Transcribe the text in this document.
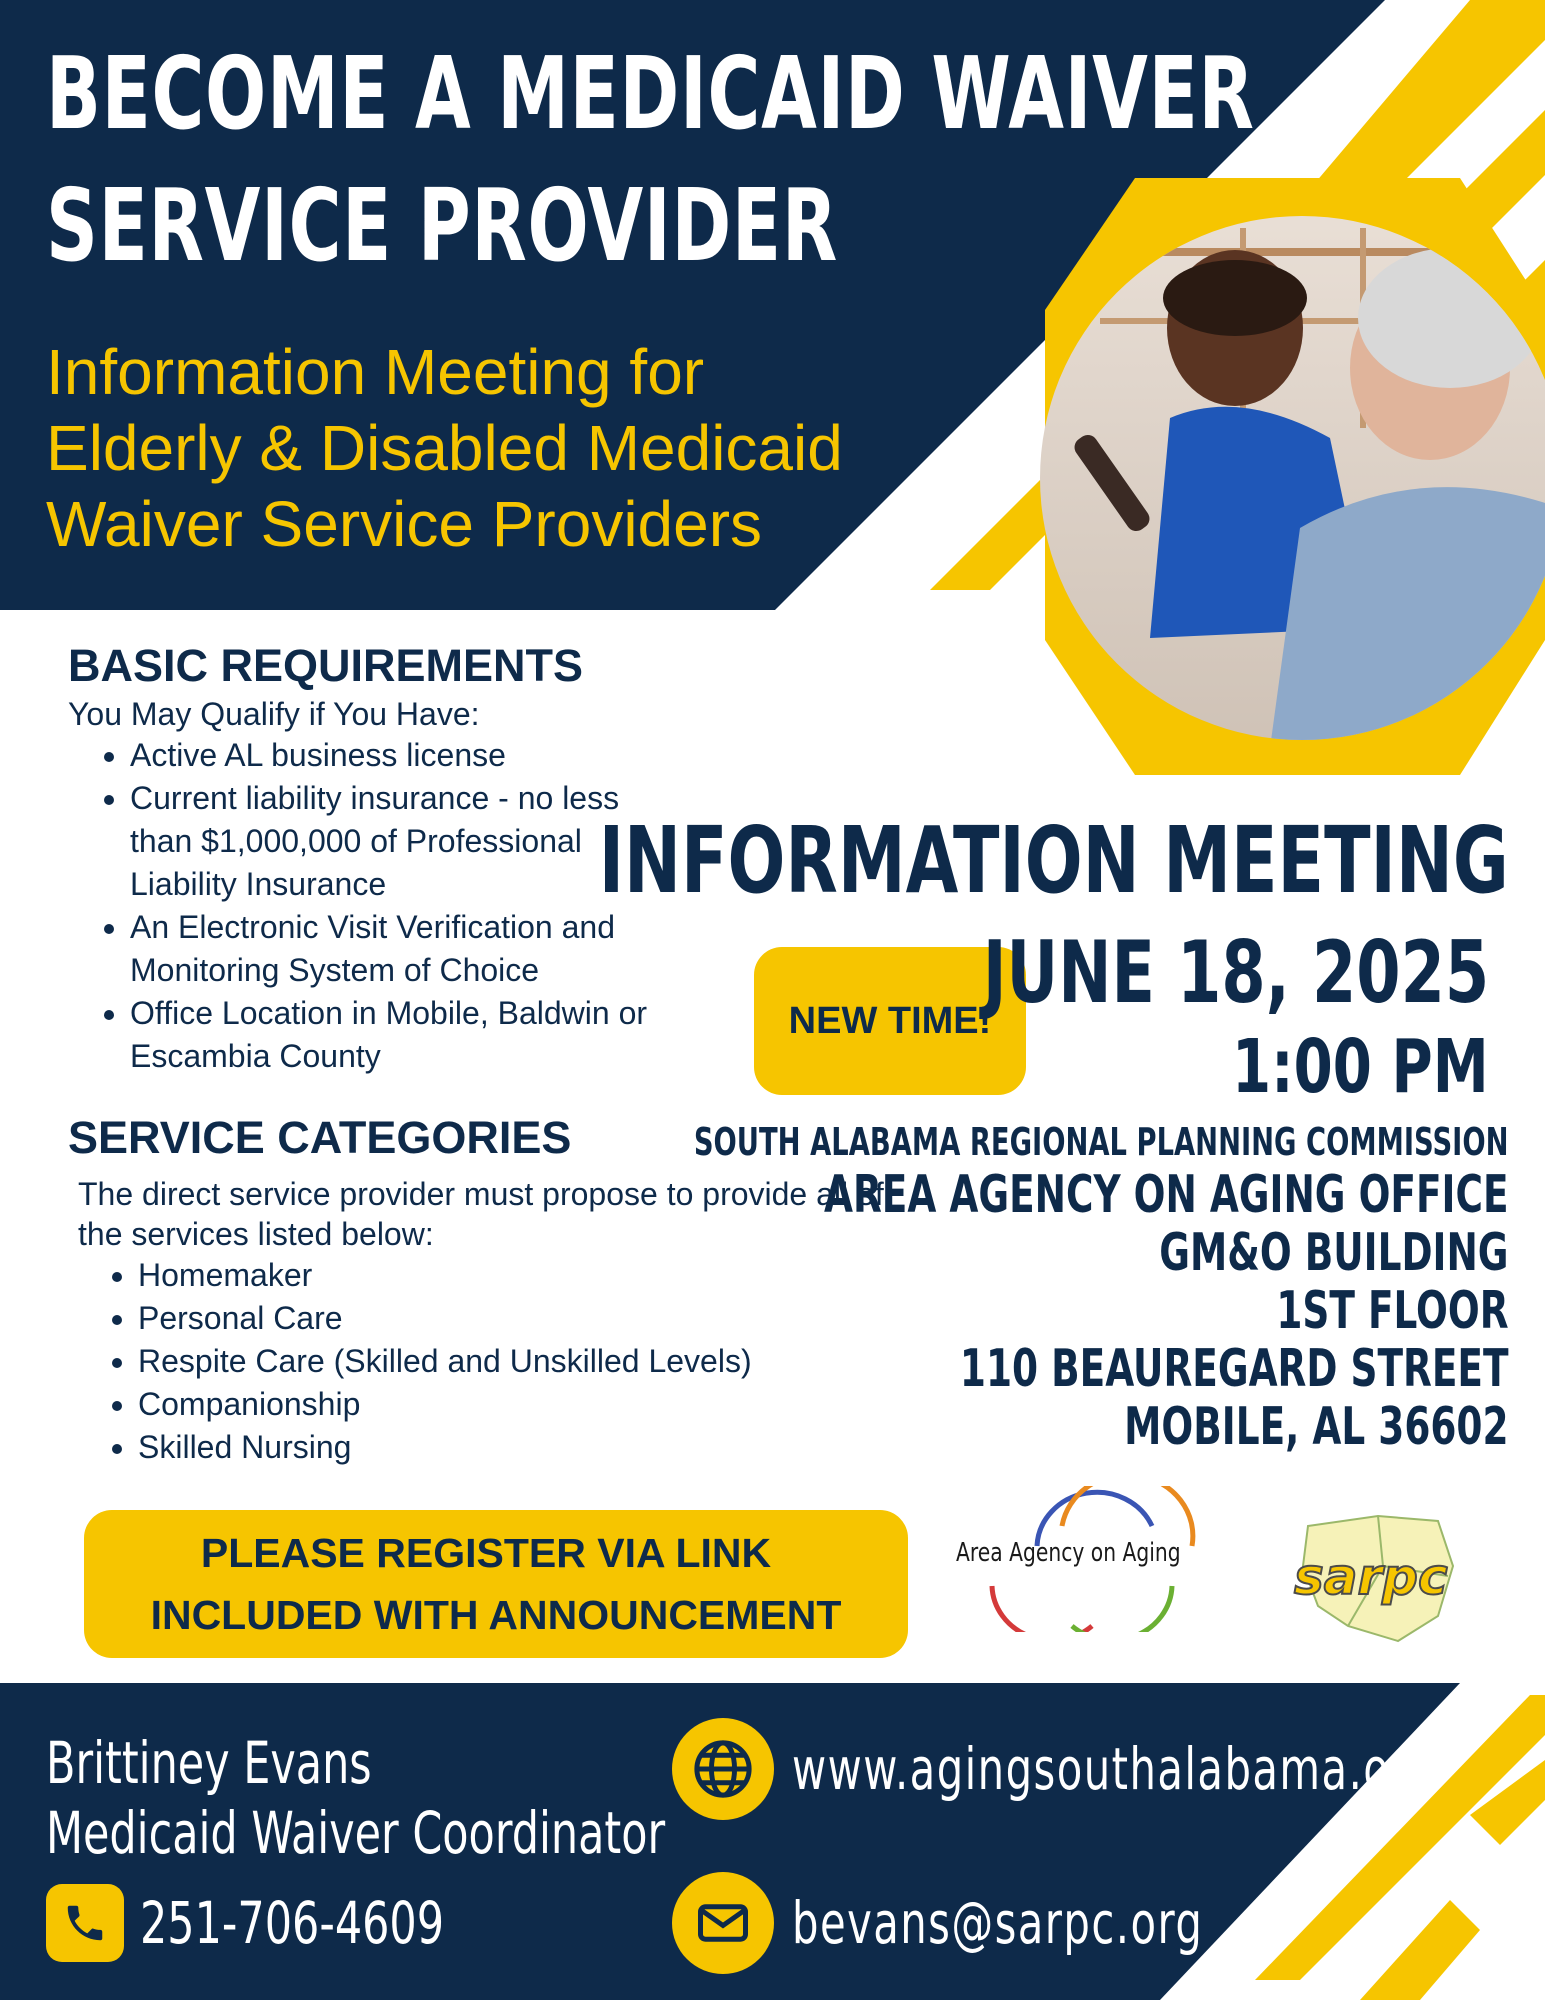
BECOME A MEDICAID WAIVER
SERVICE PROVIDER
Information Meeting for
Elderly & Disabled Medicaid
Waiver Service Providers
BASIC REQUIREMENTS
You May Qualify if You Have:
• Active AL business license
• Current liability insurance - no less than $1,000,000 of Professional Liability Insurance
• An Electronic Visit Verification and Monitoring System of Choice
• Office Location in Mobile, Baldwin or Escambia County
SERVICE CATEGORIES
The direct service provider must propose to provide all of the services listed below:
• Homemaker
• Personal Care
• Respite Care (Skilled and Unskilled Levels)
• Companionship
• Skilled Nursing
INFORMATION MEETING
NEW TIME!
JUNE 18, 2025
1:00 PM
SOUTH ALABAMA REGIONAL PLANNING COMMISSION
AREA AGENCY ON AGING OFFICE
GM&O BUILDING
1ST FLOOR
110 BEAUREGARD STREET
MOBILE, AL 36602
PLEASE REGISTER VIA LINK
INCLUDED WITH ANNOUNCEMENT
Area Agency on Aging sarpc
Brittiney Evans
Medicaid Waiver Coordinator
251-706-4609
www.agingsouthalabama.org
bevans@sarpc.org
